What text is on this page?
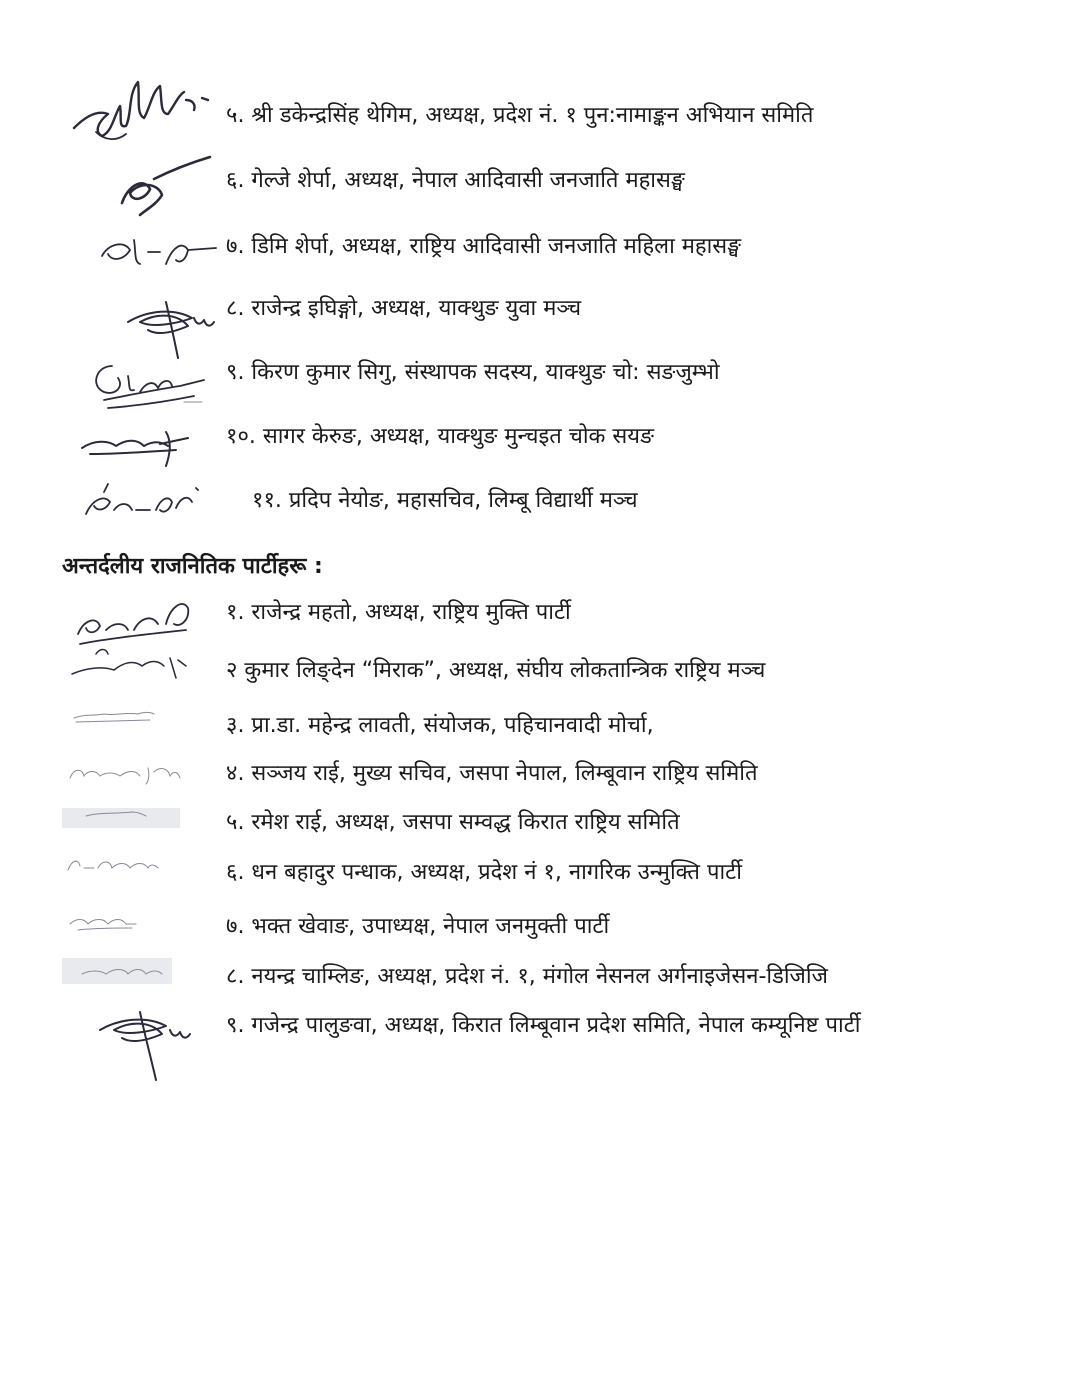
५. श्री डकेन्द्रसिंह थेगिम, अध्यक्ष, प्रदेश नं. १ पुन:नामाङ्कन अभियान समिति
६. गेल्जे शेर्पा, अध्यक्ष, नेपाल आदिवासी जनजाति महासङ्घ
७. डिमि शेर्पा, अध्यक्ष, राष्ट्रिय आदिवासी जनजाति महिला महासङ्घ
८. राजेन्द्र इघिङ्गो, अध्यक्ष, याक्थुङ युवा मञ्च
९. किरण कुमार सिगु, संस्थापक सदस्य, याक्थुङ चो: सङजुम्भो
१०. सागर केरुङ, अध्यक्ष, याक्थुङ मुन्चइत चोक सयङ
११. प्रदिप नेयोङ, महासचिव, लिम्बू विद्यार्थी मञ्च
अन्तर्दलीय राजनितिक पार्टीहरू :
१. राजेन्द्र महतो, अध्यक्ष, राष्ट्रिय मुक्ति पार्टी
२ कुमार लिङ्देन “मिराक”, अध्यक्ष, संघीय लोकतान्त्रिक राष्ट्रिय मञ्च
३. प्रा.डा. महेन्द्र लावती, संयोजक, पहिचानवादी मोर्चा,
४. सञ्जय राई, मुख्य सचिव, जसपा नेपाल, लिम्बूवान राष्ट्रिय समिति
५. रमेश राई, अध्यक्ष, जसपा सम्वद्ध किरात राष्ट्रिय समिति
६. धन बहादुर पन्धाक, अध्यक्ष, प्रदेश नं १, नागरिक उन्मुक्ति पार्टी
७. भक्त खेवाङ, उपाध्यक्ष, नेपाल जनमुक्ती पार्टी
८. नयन्द्र चाम्लिङ, अध्यक्ष, प्रदेश नं. १, मंगोल नेसनल अर्गनाइजेसन-डिजिजि
९. गजेन्द्र पालुङवा, अध्यक्ष, किरात लिम्बूवान प्रदेश समिति, नेपाल कम्यूनिष्ट पार्टी
